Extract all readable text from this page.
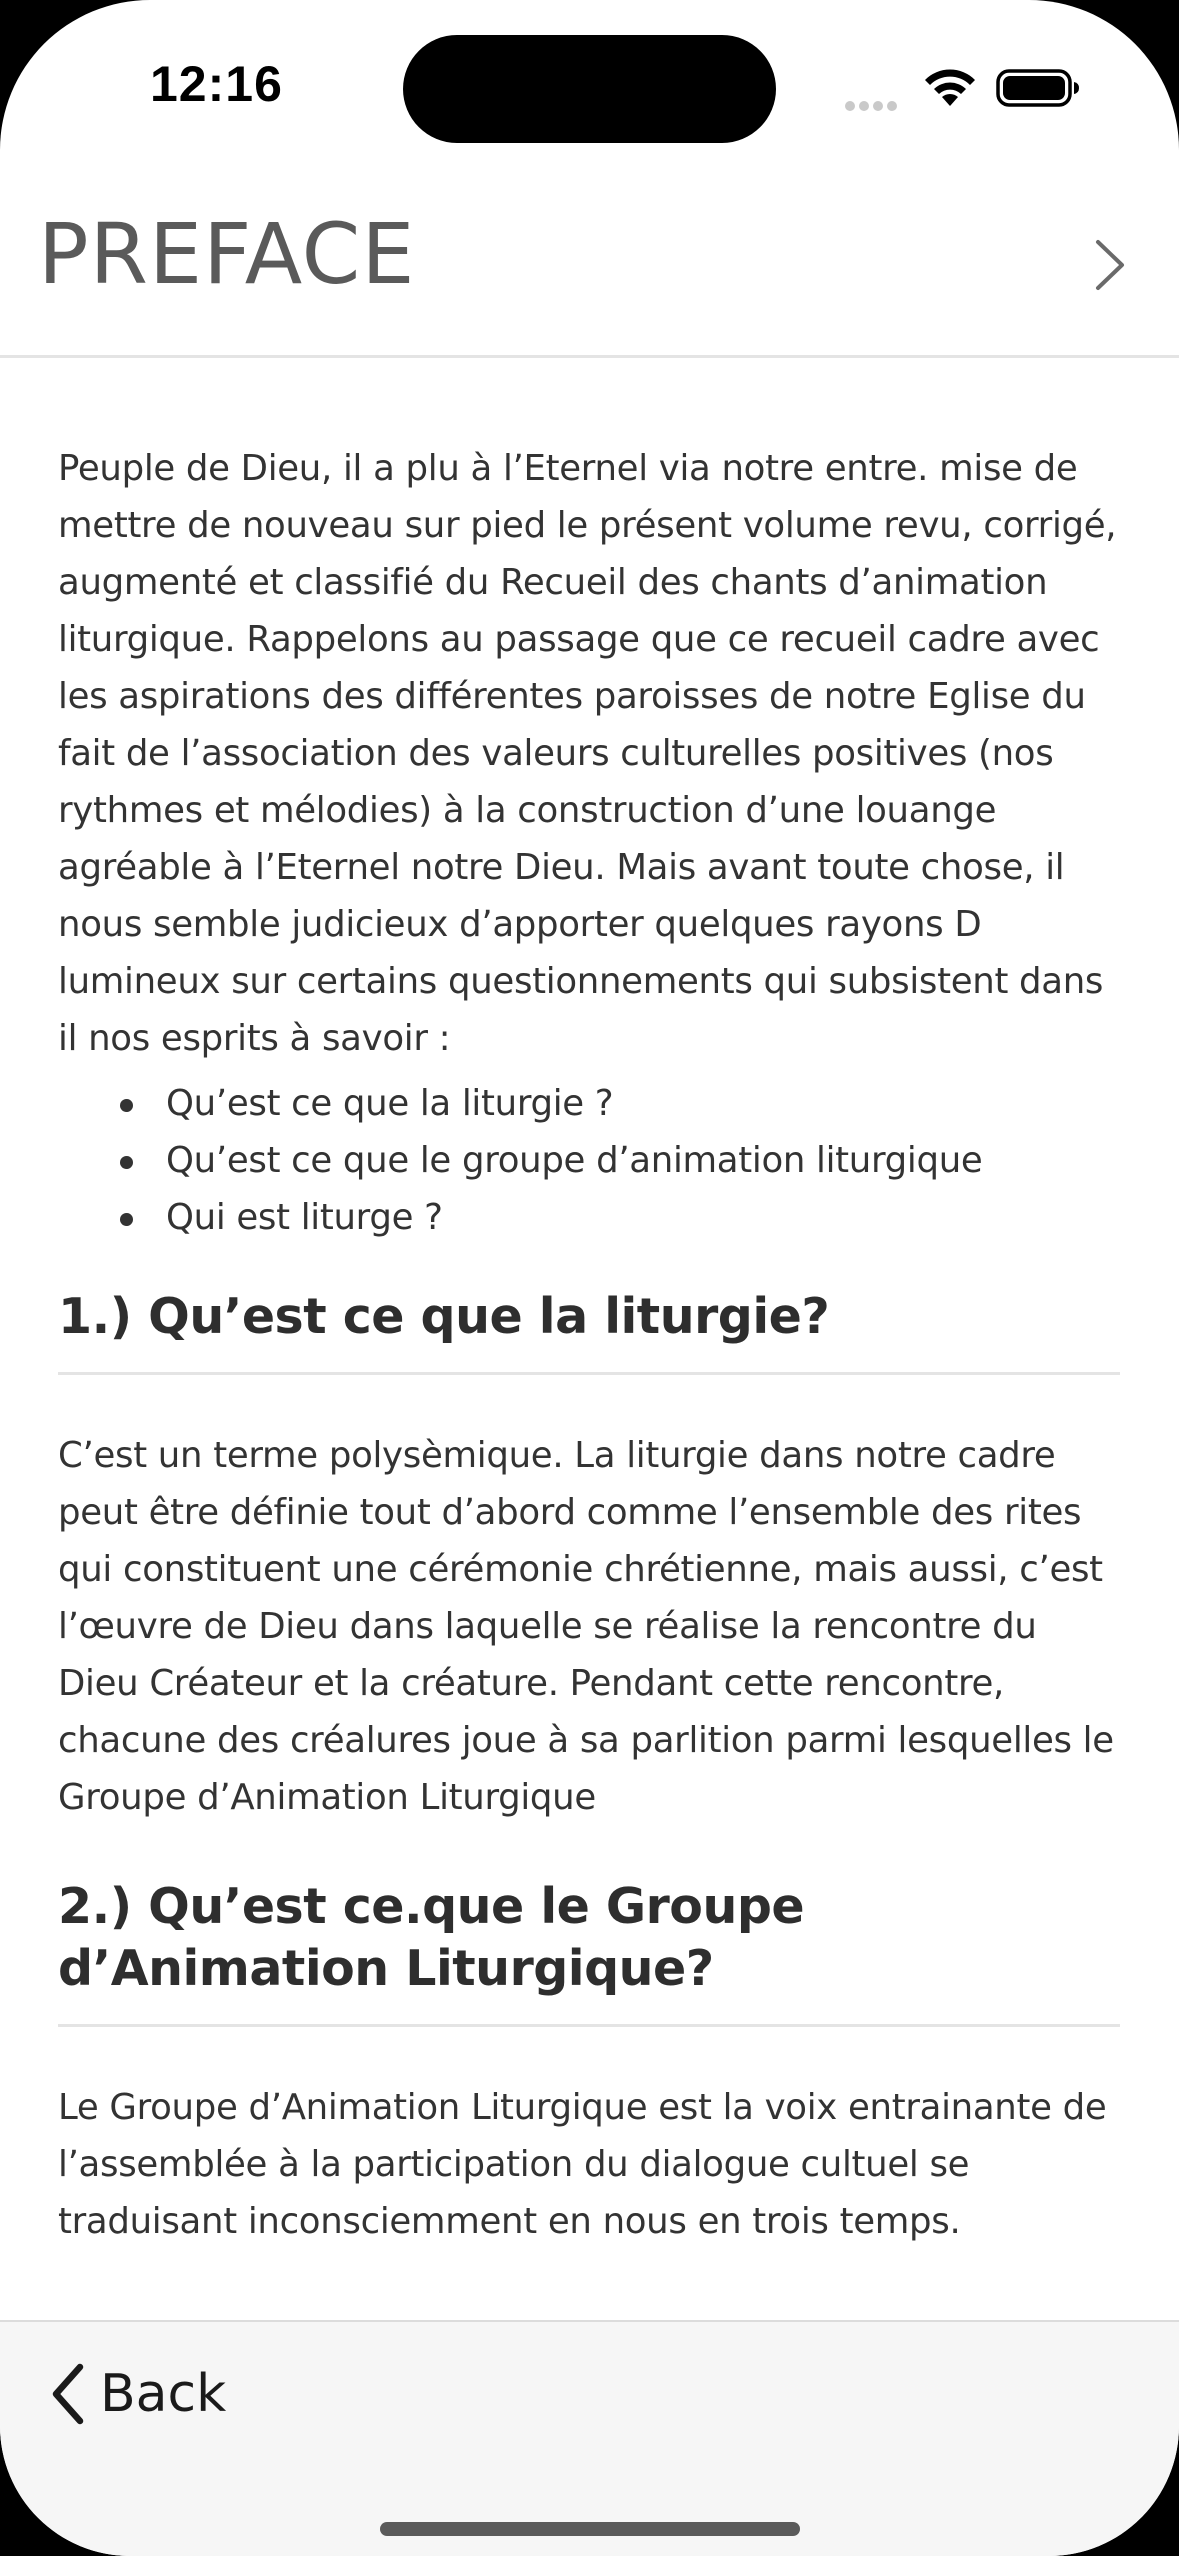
12:16
PREFACE

Peuple de Dieu, il a plu à l’Eternel via notre entre. mise de mettre de nouveau sur pied le présent volume revu, corrigé, augmenté et classifié du Recueil des chants d’animation liturgique. Rappelons au passage que ce recueil cadre avec les aspirations des différentes paroisses de notre Eglise du fait de l’association des valeurs culturelles positives (nos rythmes et mélodies) à la construction d’une louange agréable à l’Eternel notre Dieu. Mais avant toute chose, il nous semble judicieux d’apporter quelques rayons D lumineux sur certains questionnements qui subsistent dans il nos esprits à savoir :

Qu’est ce que la liturgie ?
Qu’est ce que le groupe d’animation liturgique
Qui est liturge ?
1.) Qu’est ce que la liturgie?

C’est un terme polysèmique. La liturgie dans notre cadre peut être définie tout d’abord comme l’ensemble des rites qui constituent une cérémonie chrétienne, mais aussi, c’est l’œuvre de Dieu dans laquelle se réalise la rencontre du Dieu Créateur et la créature. Pendant cette rencontre, chacune des créalures joue à sa parlition parmi lesquelles le Groupe d’Animation Liturgique

2.) Qu’est ce.que le Groupe d’Animation Liturgique?

Le Groupe d’Animation Liturgique est la voix entrainante de l’assemblée à la participation du dialogue cultuel se traduisant inconsciemment en nous en trois temps.

Back
